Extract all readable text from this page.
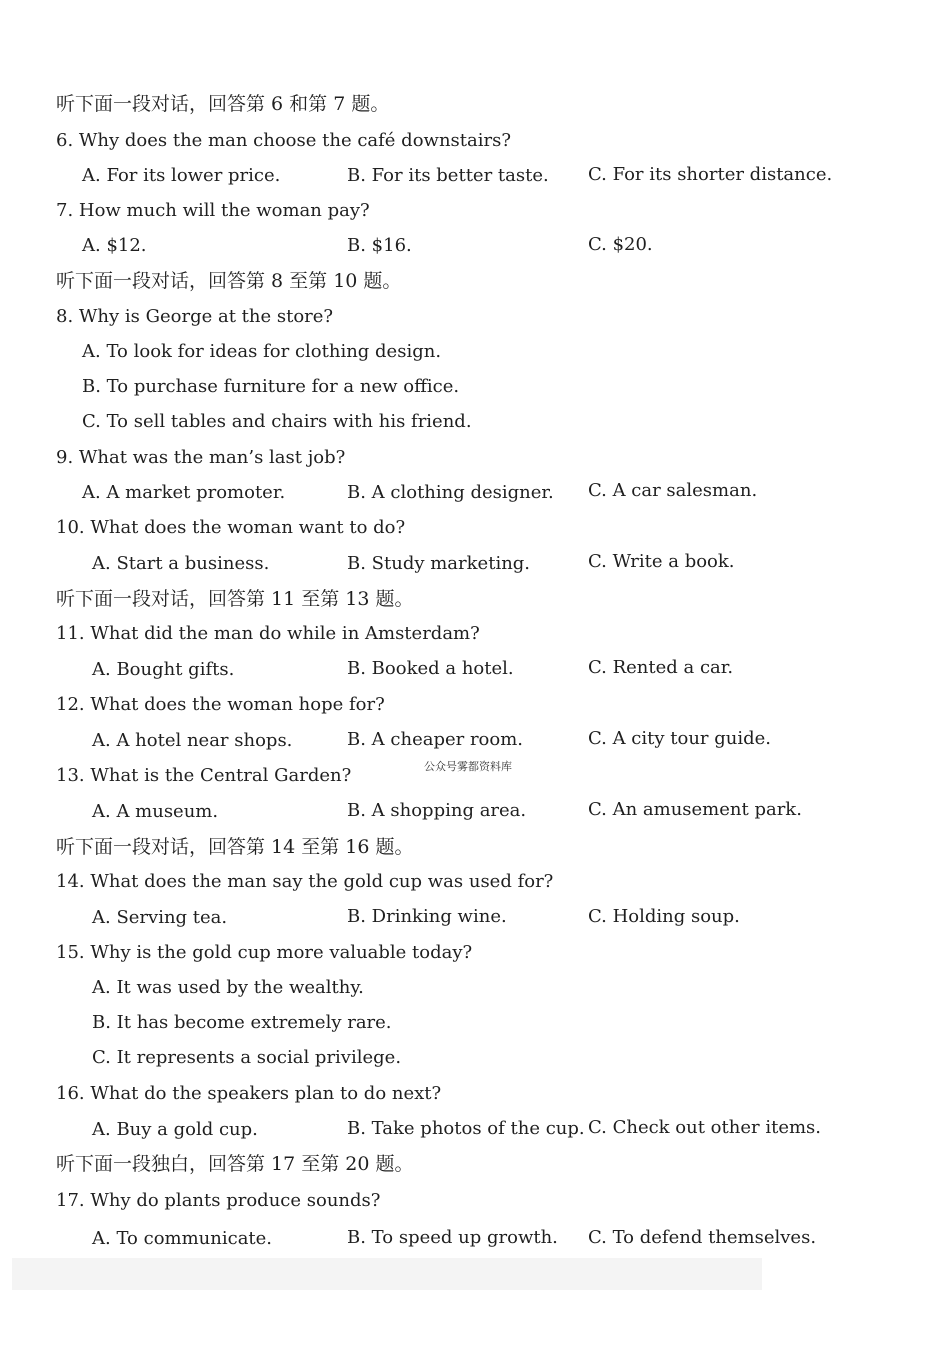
听下面一段对话，回答第 6 和第 7 题。
6. Why does the man choose the café downstairs?
A. For its lower price.	B. For its better taste. C. For its shorter distance.
7. How much will the woman pay?
A. $12.	B. $16.	C. $20.
听下面一段对话，回答第 8 至第 10 题。
8. Why is George at the store?
A. To look for ideas for clothing design.
B. To purchase furniture for a new office.
C. To sell tables and chairs with his friend.
9. What was the man’s last job?
A. A market promoter.	B. A clothing designer. C. A car salesman.
10. What does the woman want to do?
A. Start a business.	B. Study marketing.	C. Write a book.
听下面一段对话，回答第 11 至第 13 题。
11. What did the man do while in Amsterdam?
A. Bought gifts.	B. Booked a hotel.	C. Rented a car.
12. What does the woman hope for?
A. A hotel near shops.	B. A cheaper room.	C. A city tour guide.
13. What is the Central Garden?	公众号雾都资料库
A. A museum.	B. A shopping area.	C. An amusement park.
听下面一段对话，回答第 14 至第 16 题。
14. What does the man say the gold cup was used for?
A. Serving tea.	B. Drinking wine.	C. Holding soup.
15. Why is the gold cup more valuable today?
A. It was used by the wealthy.
B. It has become extremely rare.
C. It represents a social privilege.
16. What do the speakers plan to do next?
A. Buy a gold cup.	B. Take photos of the cup. C. Check out other items.
听下面一段独白，回答第 17 至第 20 题。
17. Why do plants produce sounds?
A. To communicate.	B. To speed up growth. C. To defend themselves.
